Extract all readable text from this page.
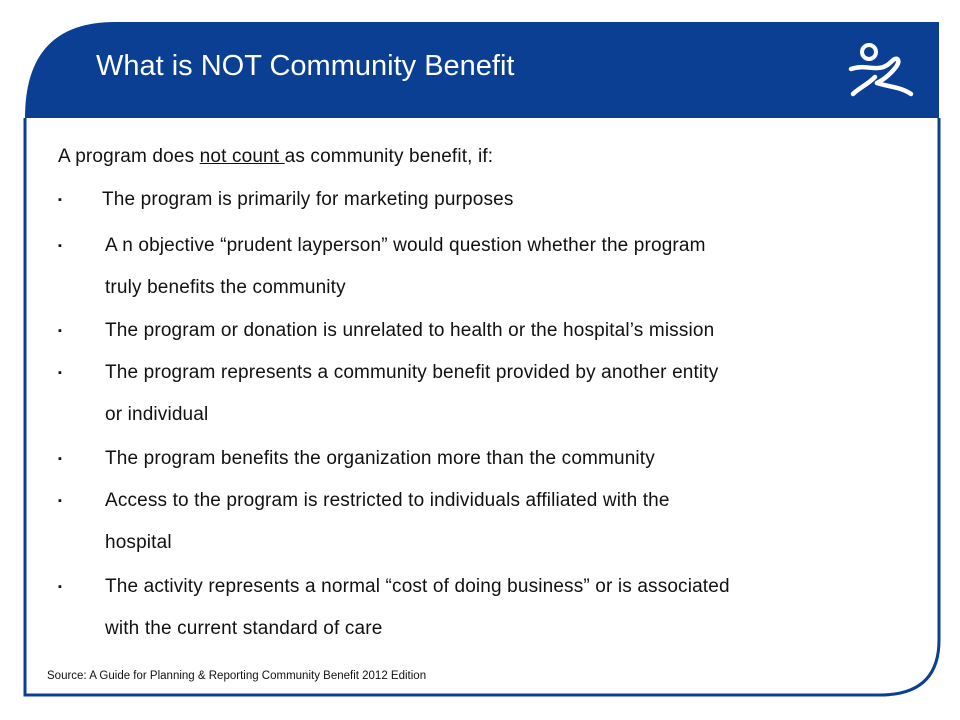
What is NOT Community Benefit
A program does not count as community benefit, if:
▪ The program is primarily for marketing purposes
▪ A n objective “prudent layperson” would question whether the program
truly benefits the community
▪ The program or donation is unrelated to health or the hospital’s mission
▪ The program represents a community benefit provided by another entity
or individual
▪ The program benefits the organization more than the community
▪ Access to the program is restricted to individuals affiliated with the
hospital
▪ The activity represents a normal “cost of doing business” or is associated
with the current standard of care
Source: A Guide for Planning & Reporting Community Benefit 2012 Edition
